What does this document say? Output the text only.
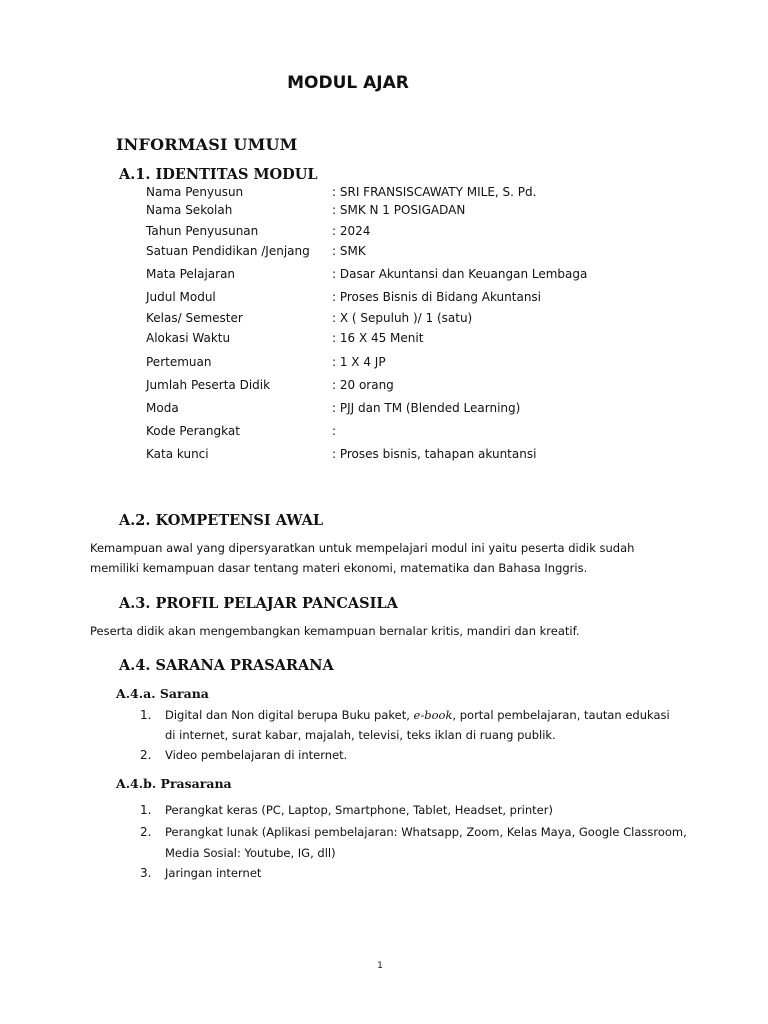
MODUL AJAR
INFORMASI UMUM
A.1. IDENTITAS MODUL
Nama Penyusun	: SRI FRANSISCAWATY MILE, S. Pd.
Nama Sekolah	: SMK N 1 POSIGADAN
Tahun Penyusunan	: 2024
Satuan Pendidikan /Jenjang : SMK
Mata Pelajaran	: Dasar Akuntansi dan Keuangan Lembaga
Judul Modul	: Proses Bisnis di Bidang Akuntansi
Kelas/ Semester	: X ( Sepuluh )/ 1 (satu)
Alokasi Waktu	: 16 X 45 Menit
Pertemuan	: 1 X 4 JP
Jumlah Peserta Didik	: 20 orang
Moda	: PJJ dan TM (Blended Learning)
Kode Perangkat	:
Kata kunci	: Proses bisnis, tahapan akuntansi
A.2. KOMPETENSI AWAL
Kemampuan awal yang dipersyaratkan untuk mempelajari modul ini yaitu peserta didik sudah
memiliki kemampuan dasar tentang materi ekonomi, matematika dan Bahasa Inggris.
A.3. PROFIL PELAJAR PANCASILA
Peserta didik akan mengembangkan kemampuan bernalar kritis, mandiri dan kreatif.
A.4. SARANA PRASARANA
A.4.a. Sarana
1. Digital dan Non digital berupa Buku paket, e-book, portal pembelajaran, tautan edukasi
di internet, surat kabar, majalah, televisi, teks iklan di ruang publik.
2. Video pembelajaran di internet.
A.4.b. Prasarana
1. Perangkat keras (PC, Laptop, Smartphone, Tablet, Headset, printer)
2. Perangkat lunak (Aplikasi pembelajaran: Whatsapp, Zoom, Kelas Maya, Google Classroom,
Media Sosial: Youtube, IG, dll)
3. Jaringan internet
1
